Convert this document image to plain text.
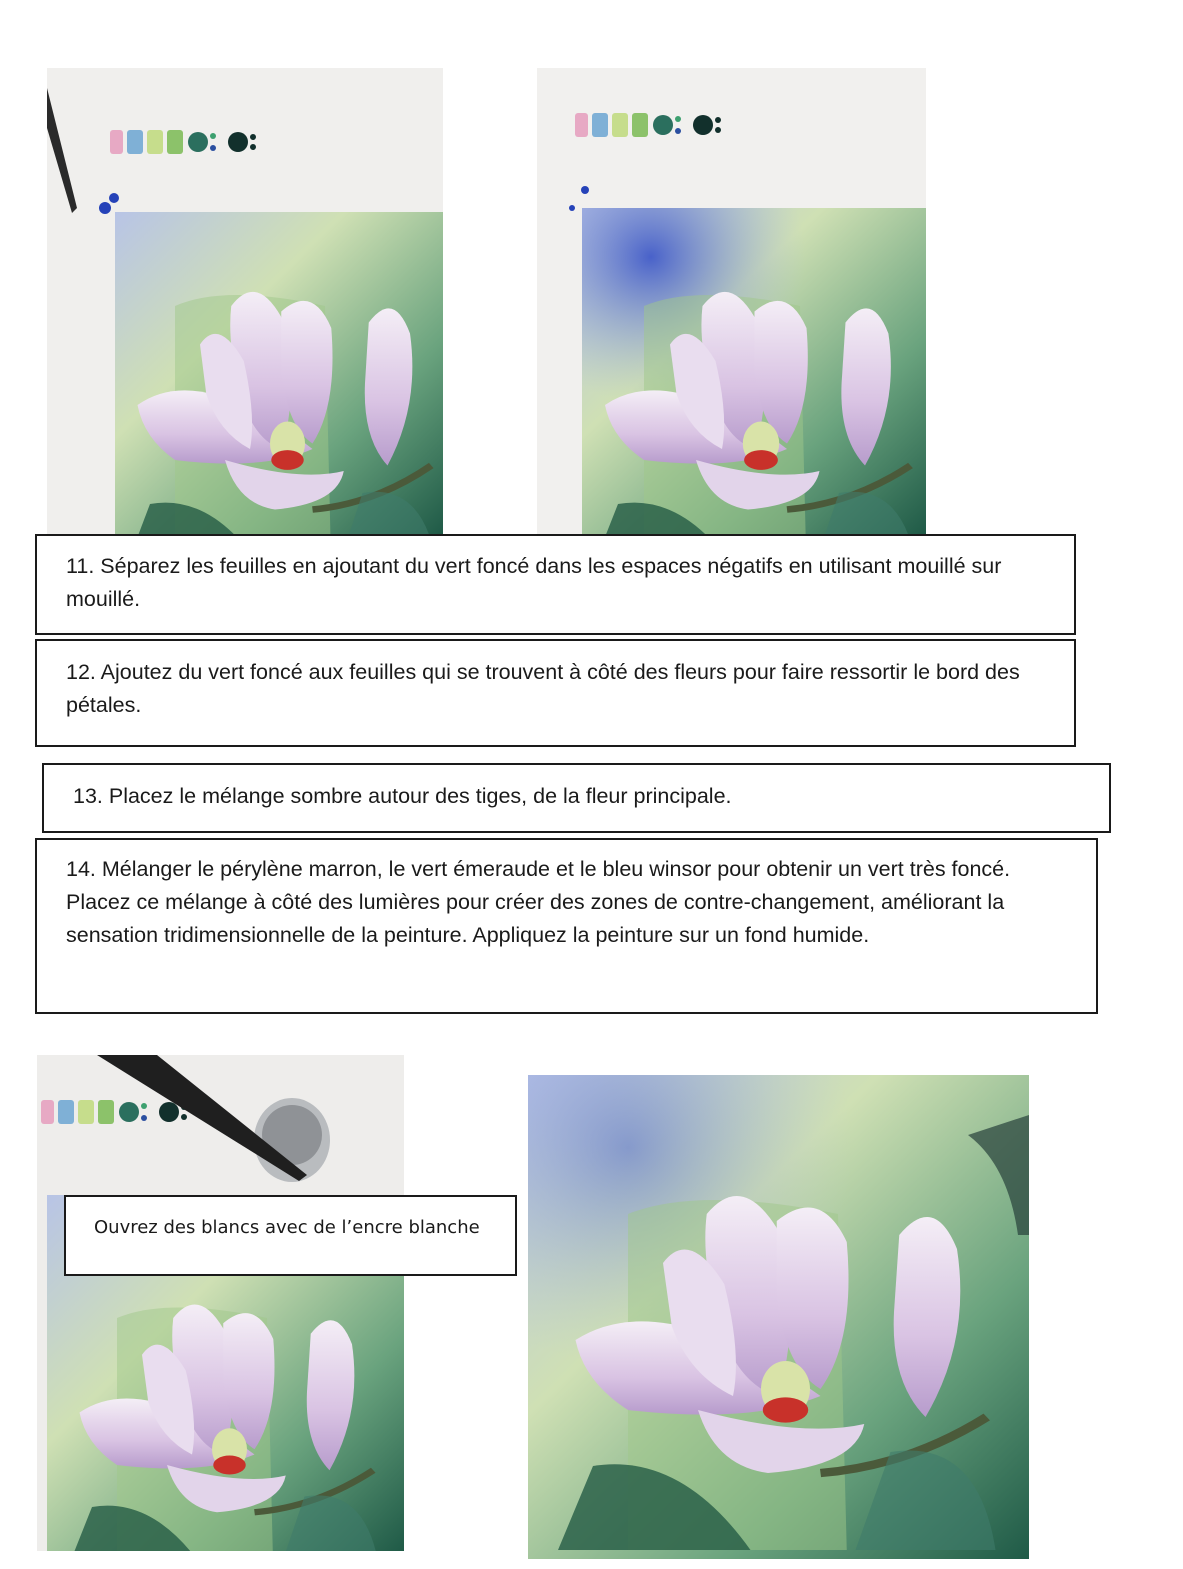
11. Séparez les feuilles en ajoutant du vert foncé dans les espaces négatifs en utilisant mouillé sur mouillé.

12. Ajoutez du vert foncé aux feuilles qui se trouvent à côté des fleurs pour faire ressortir le bord des pétales.

13. Placez le mélange sombre autour des tiges, de la fleur principale.

14. Mélanger le pérylène marron, le vert émeraude et le bleu winsor pour obtenir un vert très foncé. Placez ce mélange à côté des lumières pour créer des zones de contre-changement, améliorant la sensation tridimensionnelle de la peinture. Appliquez la peinture sur un fond humide.

Ouvrez des blancs avec de l’encre blanche
